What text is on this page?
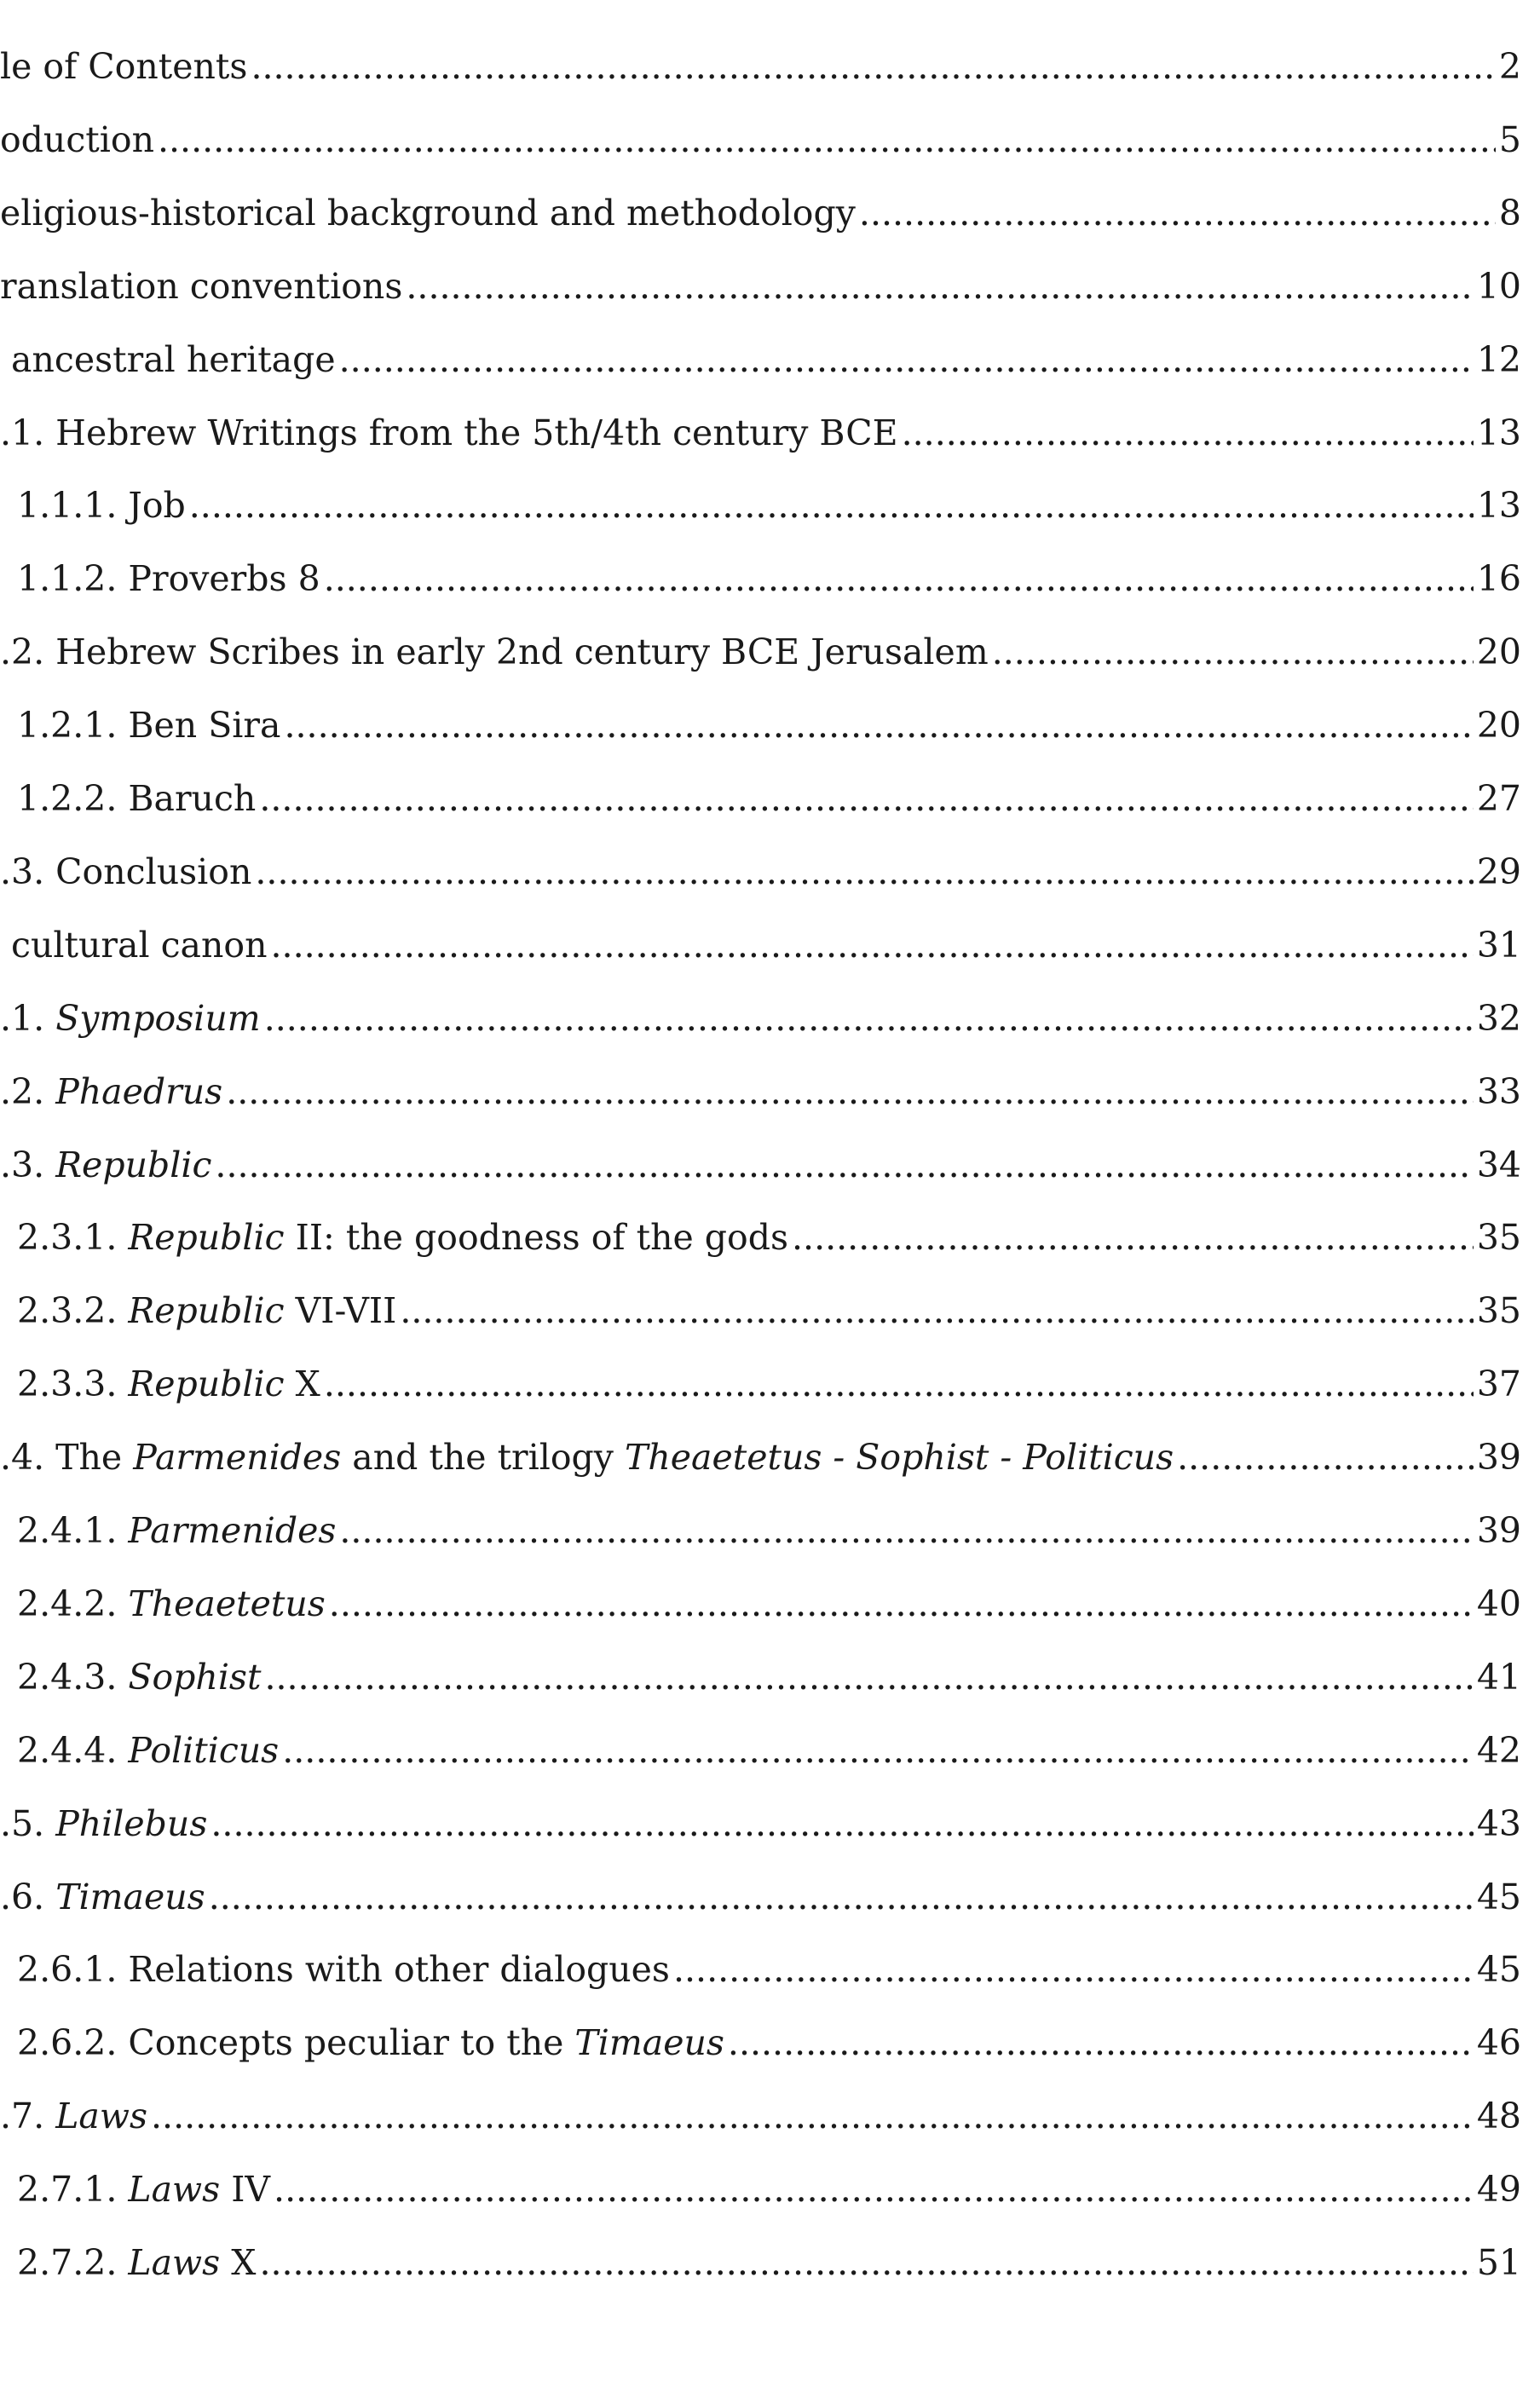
le of Contents .....	2
oduction .....	5
eligious-historical background and methodology .....	8
ranslation conventions .....	10
ancestral heritage .....	12
.1. Hebrew Writings from the 5th/4th century BCE .....	13
1.1.1. Job .....	13
1.1.2. Proverbs 8 .....	16
.2. Hebrew Scribes in early 2nd century BCE Jerusalem .....	20
1.2.1. Ben Sira .....	20
1.2.2. Baruch .....	27
.3. Conclusion .....	29
cultural canon .....	31
.1. Symposium .....	32
.2. Phaedrus .....	33
.3. Republic .....	34
2.3.1. Republic II: the goodness of the gods .....	35
2.3.2. Republic VI-VII .....	35
2.3.3. Republic X .....	37
.4. The Parmenides and the trilogy Theaetetus - Sophist - Politicus .....	39
2.4.1. Parmenides .....	39
2.4.2. Theaetetus .....	40
2.4.3. Sophist .....	41
2.4.4. Politicus .....	42
.5. Philebus .....	43
.6. Timaeus .....	45
2.6.1. Relations with other dialogues .....	45
2.6.2. Concepts peculiar to the Timaeus .....	46
.7. Laws .....	48
2.7.1. Laws IV .....	49
2.7.2. Laws X .....	51
